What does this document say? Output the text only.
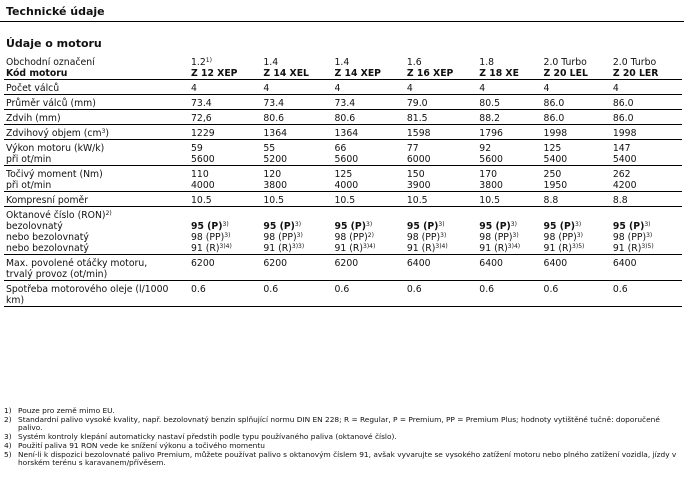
Technické údaje
Údaje o motoru
Obchodní označení	1.2$^{1)}$	1.4	1.4	1.6	1.8	2.0 Turbo	2.0 Turbo
Kód motoru	Z 12 XEP	Z 14 XEL	Z 14 XEP	Z 16 XEP	Z 18 XE	Z 20 LEL	Z 20 LER

Počet válců	4	4	4	4	4	4	4

Průměr válců (mm)	73.4	73.4	73.4	79.0	80.5	86.0	86.0

Zdvih (mm)	72,6	80.6	80.6	81.5	88.2	86.0	86.0

Zdvihový objem $(cm^3)$	1229	1364	1364	1598	1796	1998	1998

Výkon motoru (kW/k)	59	55	66	77	92	125	147
při ot/min	5600	5200	5600	6000	5600	5400	5400

Točivý moment (Nm)	110	120	125	150	170	250	262
při ot/min	4000	3800	4000	3900	3800	1950	4200

Kompresní poměr	10.5	10.5	10.5	10.5	10.5	8.8	8.8

Oktanové číslo (RON)$^{2)}$	
bezolovnatý	95 $(P)^{3)}$	95 $(P)^{3)}$	95 $(P)^{3)}$	95 $(P)^{3)}$	95 $(P)^{3)}$	95 $(P)^{3)}$	95 $(P)^{3)}$
nebo bezolovnatý	98 (PP)$^{3)}$	98 (PP)$^{3)}$	98 (PP)$^{2)}$	98 (PP)$^{3)}$	98 (PP)$^{3)}$	98 (PP)$^{3)}$	98 (PP)$^{3)}$
nebo bezolovnatý	91 $(R)^{3)4)}$	91 $(R)^{3)3)}$	91 $(R)^{3)4)}$	91 $(R)^{3)4)}$	91 $(R)^{3)4)}$	91 $(R)^{3)5)}$	91 $(R)^{3)5)}$

Max. povolené otáčky motoru,	6200	6200	6200	6400	6400	6400	6400
trvalý provoz (ot/min)							

Spotřeba motorového oleje (l/1000 km)	0.6	0.6	0.6	0.6	0.6	0.6	0.6
1) Pouze pro země mimo EU.
2) Standardní palivo vysoké kvality, např. bezolovnatý benzin splňující normu DIN EN 228; R = Regular, P = Premium, PP = Premium Plus; hodnoty vytištěné tučně: doporučené palivo.
3) Systém kontroly klepání automaticky nastaví předstih podle typu používaného paliva (oktanové číslo).
4) Použití paliva 91 RON vede ke snížení výkonu a točivého momentu
5) Není-li k dispozici bezolovnaté palivo Premium, můžete používat palivo s oktanovým číslem 91, avšak vyvarujte se vysokého zatížení motoru nebo plného zatížení vozidla, jízdy v horském terénu s karavanem/přívěsem.
